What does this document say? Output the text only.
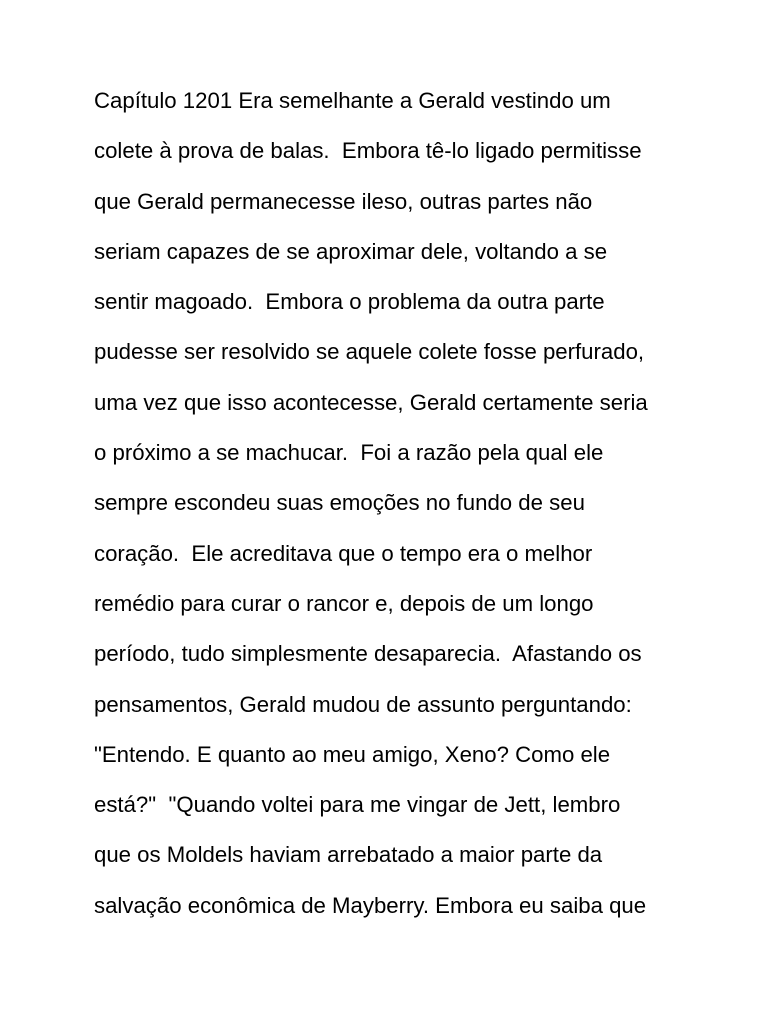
Capítulo 1201 Era semelhante a Gerald vestindo um
colete à prova de balas.  Embora tê-lo ligado permitisse
que Gerald permanecesse ileso, outras partes não
seriam capazes de se aproximar dele, voltando a se
sentir magoado.  Embora o problema da outra parte
pudesse ser resolvido se aquele colete fosse perfurado,
uma vez que isso acontecesse, Gerald certamente seria
o próximo a se machucar.  Foi a razão pela qual ele
sempre escondeu suas emoções no fundo de seu
coração.  Ele acreditava que o tempo era o melhor
remédio para curar o rancor e, depois de um longo
período, tudo simplesmente desaparecia.  Afastando os
pensamentos, Gerald mudou de assunto perguntando:
"Entendo. E quanto ao meu amigo, Xeno? Como ele
está?"  "Quando voltei para me vingar de Jett, lembro
que os Moldels haviam arrebatado a maior parte da
salvação econômica de Mayberry. Embora eu saiba que
